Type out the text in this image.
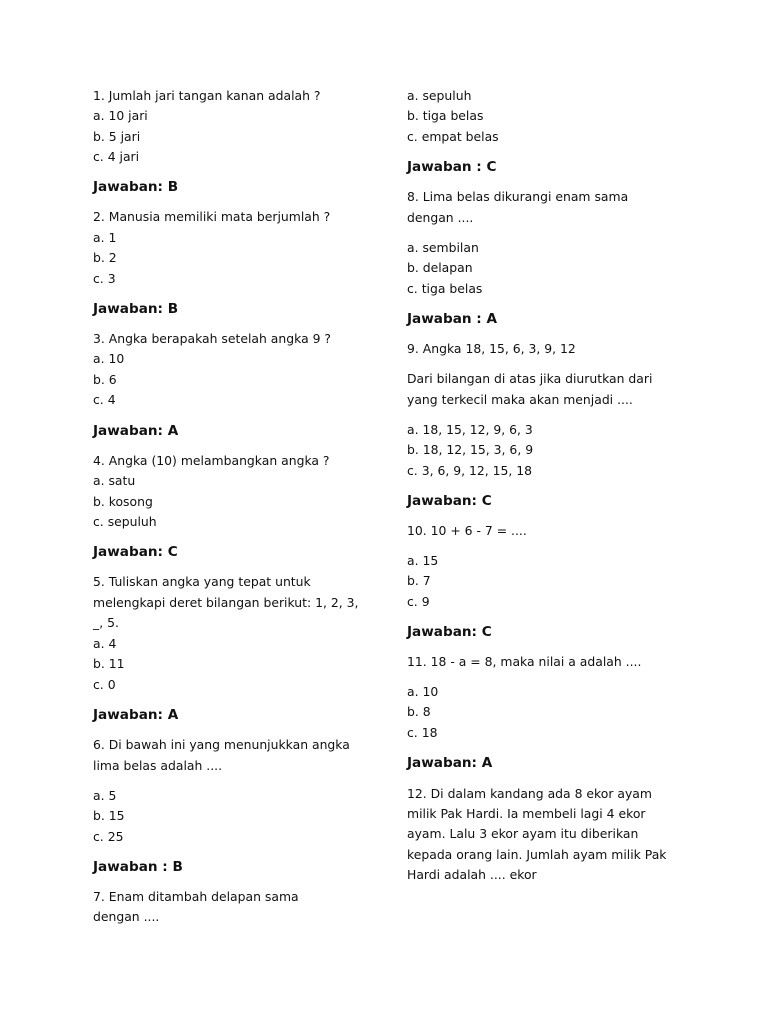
1. Jumlah jari tangan kanan adalah ?
a. 10 jari
b. 5 jari
c. 4 jari
Jawaban: B
2. Manusia memiliki mata berjumlah ?
a. 1
b. 2
c. 3
Jawaban: B
3. Angka berapakah setelah angka 9 ?
a. 10
b. 6
c. 4
Jawaban: A
4. Angka (10) melambangkan angka ?
a. satu
b. kosong
c. sepuluh
Jawaban: C
5. Tuliskan angka yang tepat untuk
melengkapi deret bilangan berikut: 1, 2, 3,
_, 5.
a. 4
b. 11
c. 0
Jawaban: A
6. Di bawah ini yang menunjukkan angka
lima belas adalah ....
a. 5
b. 15
c. 25
Jawaban : B
7. Enam ditambah delapan sama
dengan ....
a. sepuluh
b. tiga belas
c. empat belas
Jawaban : C
8. Lima belas dikurangi enam sama
dengan ....
a. sembilan
b. delapan
c. tiga belas
Jawaban : A
9. Angka 18, 15, 6, 3, 9, 12
Dari bilangan di atas jika diurutkan dari
yang terkecil maka akan menjadi ....
a. 18, 15, 12, 9, 6, 3
b. 18, 12, 15, 3, 6, 9
c. 3, 6, 9, 12, 15, 18
Jawaban: C
10. 10 + 6 - 7 = ....
a. 15
b. 7
c. 9
Jawaban: C
11. 18 - a = 8, maka nilai a adalah ....
a. 10
b. 8
c. 18
Jawaban: A
12. Di dalam kandang ada 8 ekor ayam
milik Pak Hardi. Ia membeli lagi 4 ekor
ayam. Lalu 3 ekor ayam itu diberikan
kepada orang lain. Jumlah ayam milik Pak
Hardi adalah .... ekor
